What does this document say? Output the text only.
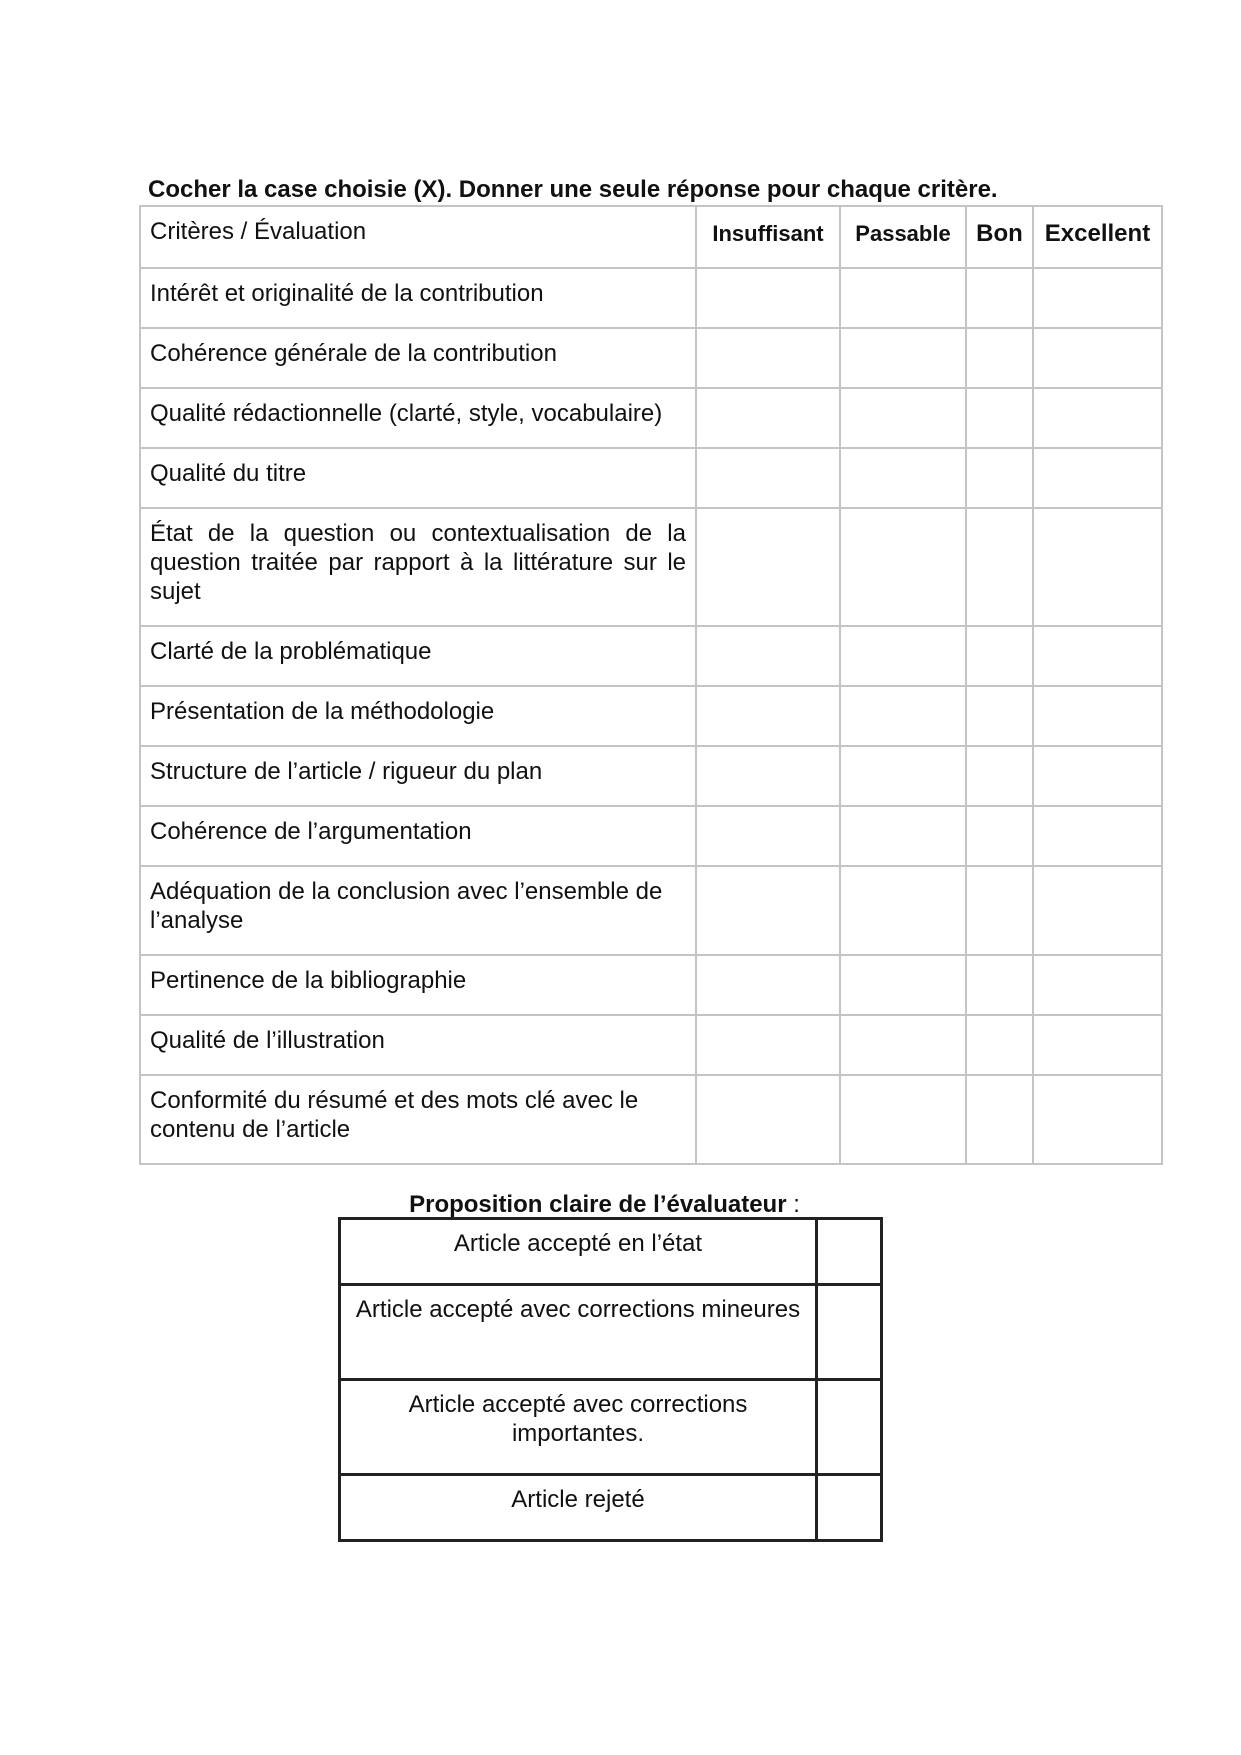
Cocher la case choisie (X). Donner une seule réponse pour chaque critère.
Critères / Évaluation	Insuffisant	Passable	Bon	Excellent
Intérêt et originalité de la contribution				
Cohérence générale de la contribution				
Qualité rédactionnelle (clarté, style, vocabulaire)				
Qualité du titre				
État de la question ou contextualisation de la question traitée par rapport à la littérature sur le sujet				
Clarté de la problématique				
Présentation de la méthodologie				
Structure de l’article / rigueur du plan				
Cohérence de l’argumentation				
Adéquation de la conclusion avec l’ensemble de l’analyse				
Pertinence de la bibliographie				
Qualité de l’illustration				
Conformité du résumé et des mots clé avec le contenu de l’article				
Proposition claire de l’évaluateur :
Article accepté en l’état	
Article accepté avec corrections mineures	
Article accepté avec corrections importantes.	
Article rejeté	
